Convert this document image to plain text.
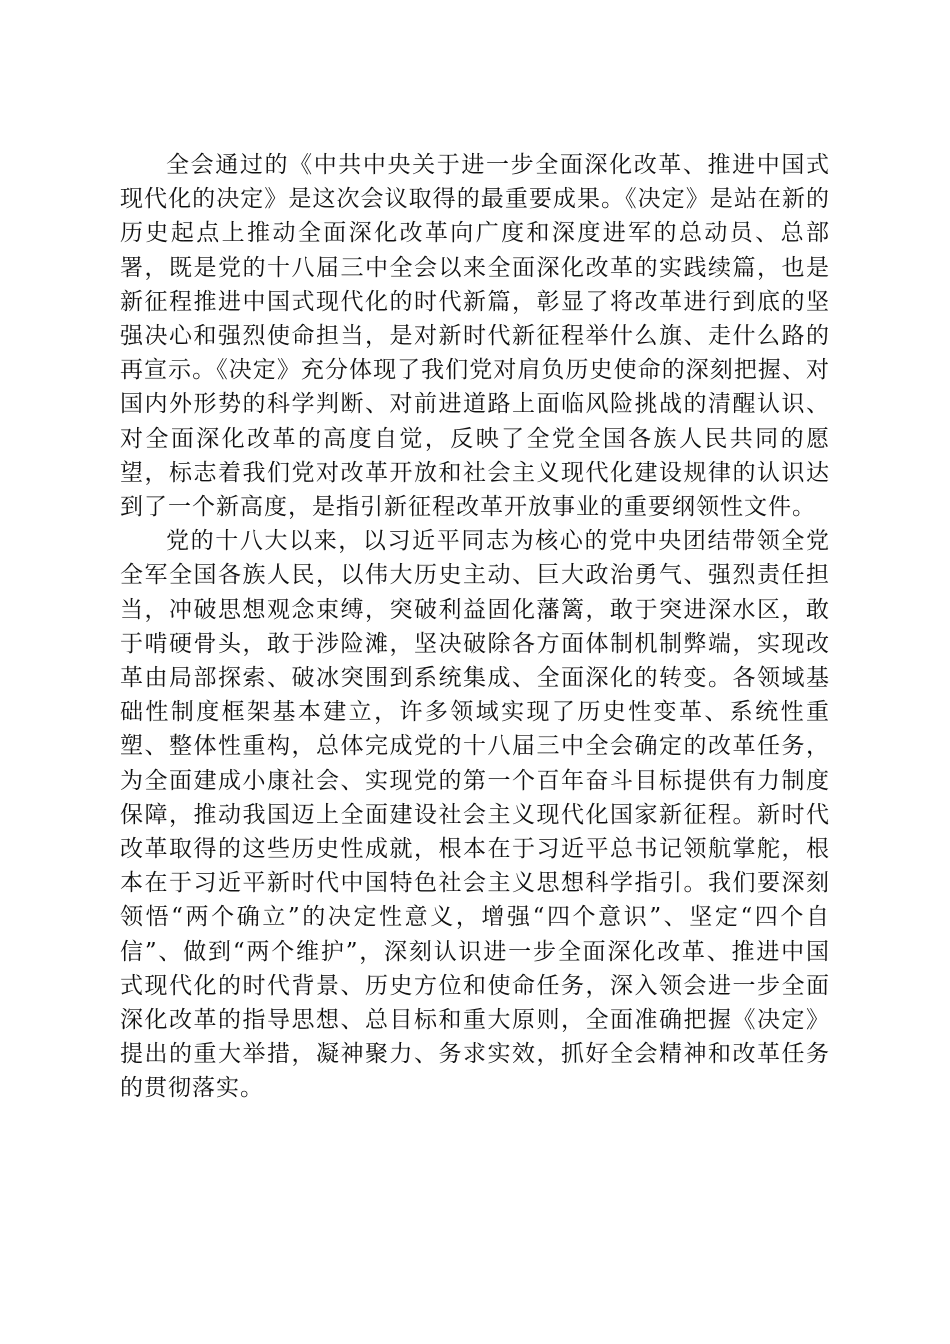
全会通过的《中共中央关于进一步全面深化改革、推进中国式现代化的决定》是这次会议取得的最重要成果。《决定》是站在新的历史起点上推动全面深化改革向广度和深度进军的总动员、总部署，既是党的十八届三中全会以来全面深化改革的实践续篇，也是新征程推进中国式现代化的时代新篇，彰显了将改革进行到底的坚强决心和强烈使命担当，是对新时代新征程举什么旗、走什么路的再宣示。《决定》充分体现了我们党对肩负历史使命的深刻把握、对国内外形势的科学判断、对前进道路上面临风险挑战的清醒认识、对全面深化改革的高度自觉，反映了全党全国各族人民共同的愿望，标志着我们党对改革开放和社会主义现代化建设规律的认识达到了一个新高度，是指引新征程改革开放事业的重要纲领性文件。

党的十八大以来，以习近平同志为核心的党中央团结带领全党全军全国各族人民，以伟大历史主动、巨大政治勇气、强烈责任担当，冲破思想观念束缚，突破利益固化藩篱，敢于突进深水区，敢于啃硬骨头，敢于涉险滩，坚决破除各方面体制机制弊端，实现改革由局部探索、破冰突围到系统集成、全面深化的转变。各领域基础性制度框架基本建立，许多领域实现了历史性变革、系统性重塑、整体性重构，总体完成党的十八届三中全会确定的改革任务，为全面建成小康社会、实现党的第一个百年奋斗目标提供有力制度保障，推动我国迈上全面建设社会主义现代化国家新征程。新时代改革取得的这些历史性成就，根本在于习近平总书记领航掌舵，根本在于习近平新时代中国特色社会主义思想科学指引。我们要深刻领悟“两个确立”的决定性意义，增强“四个意识”、坚定“四个自信”、做到“两个维护”，深刻认识进一步全面深化改革、推进中国式现代化的时代背景、历史方位和使命任务，深入领会进一步全面深化改革的指导思想、总目标和重大原则，全面准确把握《决定》提出的重大举措，凝神聚力、务求实效，抓好全会精神和改革任务的贯彻落实。
